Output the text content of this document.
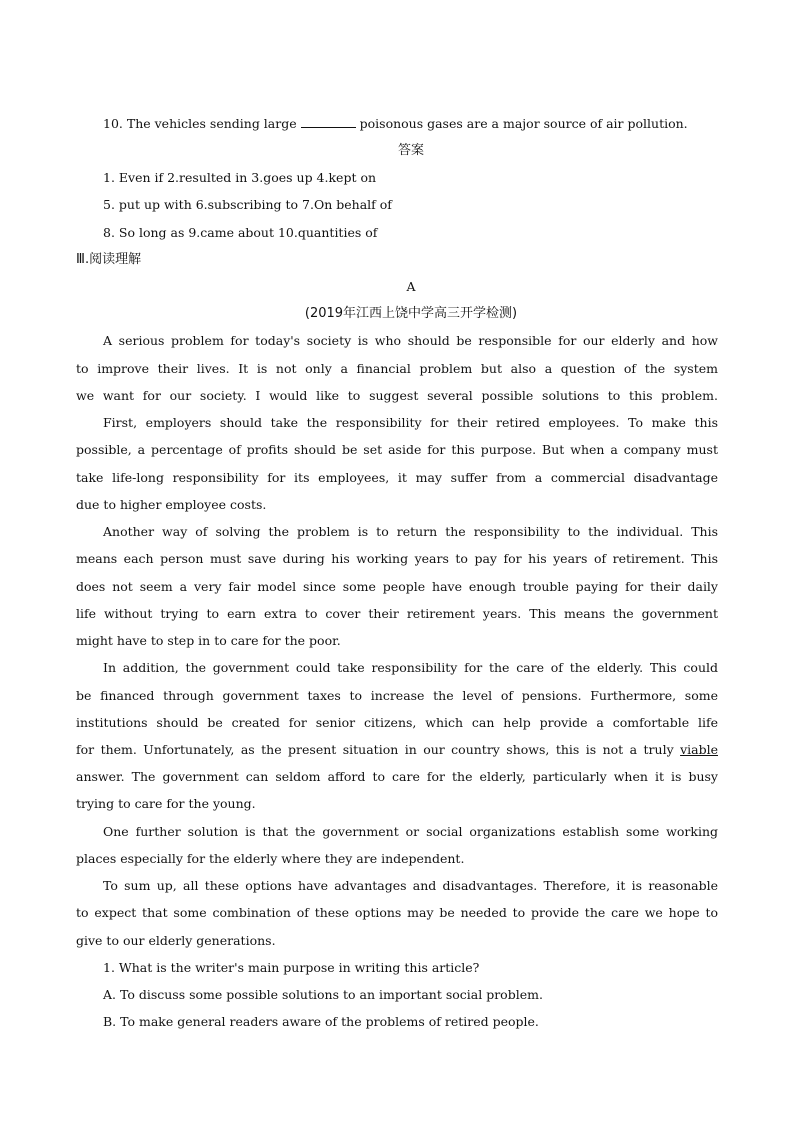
10. The vehicles sending large	poisonous gases are a major source of air pollution.
答案
1. Even if 2.resulted in 3.goes up 4.kept on
5. put up with 6.subscribing to 7.On behalf of
8. So long as 9.came about 10.quantities of
Ⅲ.阅读理解
A
(2019年江西上饶中学高三开学检测)
A serious problem for today's society is who should be responsible for our elderly and how
to improve their lives. It is not only a financial problem but also a question of the system
we want for our society. I would like to suggest several possible solutions to this problem.
First, employers should take the responsibility for their retired employees. To make this
possible, a percentage of profits should be set aside for this purpose. But when a company must
take life-long responsibility for its employees, it may suffer from a commercial disadvantage
due to higher employee costs.
Another way of solving the problem is to return the responsibility to the individual. This
means each person must save during his working years to pay for his years of retirement. This
does not seem a very fair model since some people have enough trouble paying for their daily
life without trying to earn extra to cover their retirement years. This means the government
might have to step in to care for the poor.
In addition, the government could take responsibility for the care of the elderly. This could
be financed through government taxes to increase the level of pensions. Furthermore, some
institutions should be created for senior citizens, which can help provide a comfortable life
for them. Unfortunately, as the present situation in our country shows, this is not a truly viable
answer. The government can seldom afford to care for the elderly, particularly when it is busy
trying to care for the young.
One further solution is that the government or social organizations establish some working
places especially for the elderly where they are independent.
To sum up, all these options have advantages and disadvantages. Therefore, it is reasonable
to expect that some combination of these options may be needed to provide the care we hope to
give to our elderly generations.
1. What is the writer's main purpose in writing this article?
A. To discuss some possible solutions to an important social problem.
B. To make general readers aware of the problems of retired people.
